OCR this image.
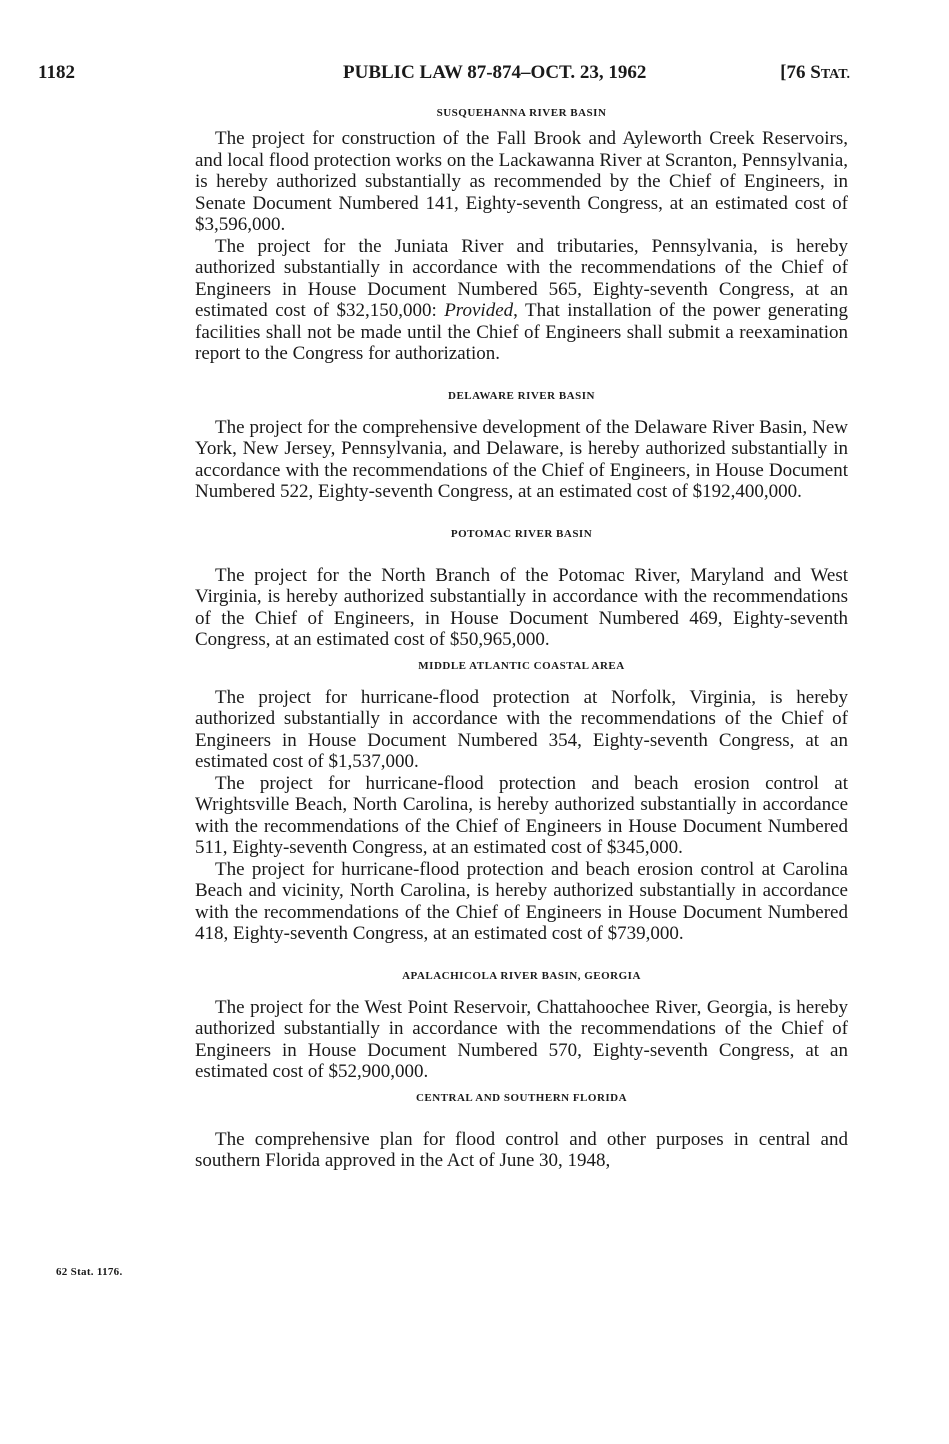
1182	PUBLIC LAW 87-874–OCT. 23, 1962	[76 STAT.
SUSQUEHANNA RIVER BASIN

The project for construction of the Fall Brook and Ayleworth Creek Reservoirs, and local flood protection works on the Lackawanna River at Scranton, Pennsylvania, is hereby authorized substantially as recommended by the Chief of Engineers, in Senate Document Numbered 141, Eighty-seventh Congress, at an estimated cost of $3,596,000.

The project for the Juniata River and tributaries, Pennsylvania, is hereby authorized substantially in accordance with the recommendations of the Chief of Engineers in House Document Numbered 565, Eighty-seventh Congress, at an estimated cost of $32,150,000: Provided, That installation of the power generating facilities shall not be made until the Chief of Engineers shall submit a reexamination report to the Congress for authorization.

DELAWARE RIVER BASIN

The project for the comprehensive development of the Delaware River Basin, New York, New Jersey, Pennsylvania, and Delaware, is hereby authorized substantially in accordance with the recommendations of the Chief of Engineers, in House Document Numbered 522, Eighty-seventh Congress, at an estimated cost of $192,400,000.

POTOMAC RIVER BASIN

The project for the North Branch of the Potomac River, Maryland and West Virginia, is hereby authorized substantially in accordance with the recommendations of the Chief of Engineers, in House Document Numbered 469, Eighty-seventh Congress, at an estimated cost of $50,965,000.

MIDDLE ATLANTIC COASTAL AREA

The project for hurricane-flood protection at Norfolk, Virginia, is hereby authorized substantially in accordance with the recommendations of the Chief of Engineers in House Document Numbered 354, Eighty-seventh Congress, at an estimated cost of $1,537,000.

The project for hurricane-flood protection and beach erosion control at Wrightsville Beach, North Carolina, is hereby authorized substantially in accordance with the recommendations of the Chief of Engineers in House Document Numbered 511, Eighty-seventh Congress, at an estimated cost of $345,000.

The project for hurricane-flood protection and beach erosion control at Carolina Beach and vicinity, North Carolina, is hereby authorized substantially in accordance with the recommendations of the Chief of Engineers in House Document Numbered 418, Eighty-seventh Congress, at an estimated cost of $739,000.

APALACHICOLA RIVER BASIN, GEORGIA

The project for the West Point Reservoir, Chattahoochee River, Georgia, is hereby authorized substantially in accordance with the recommendations of the Chief of Engineers in House Document Numbered 570, Eighty-seventh Congress, at an estimated cost of $52,900,000.

CENTRAL AND SOUTHERN FLORIDA

The comprehensive plan for flood control and other purposes in central and southern Florida approved in the Act of June 30, 1948,

62 Stat. 1176.
